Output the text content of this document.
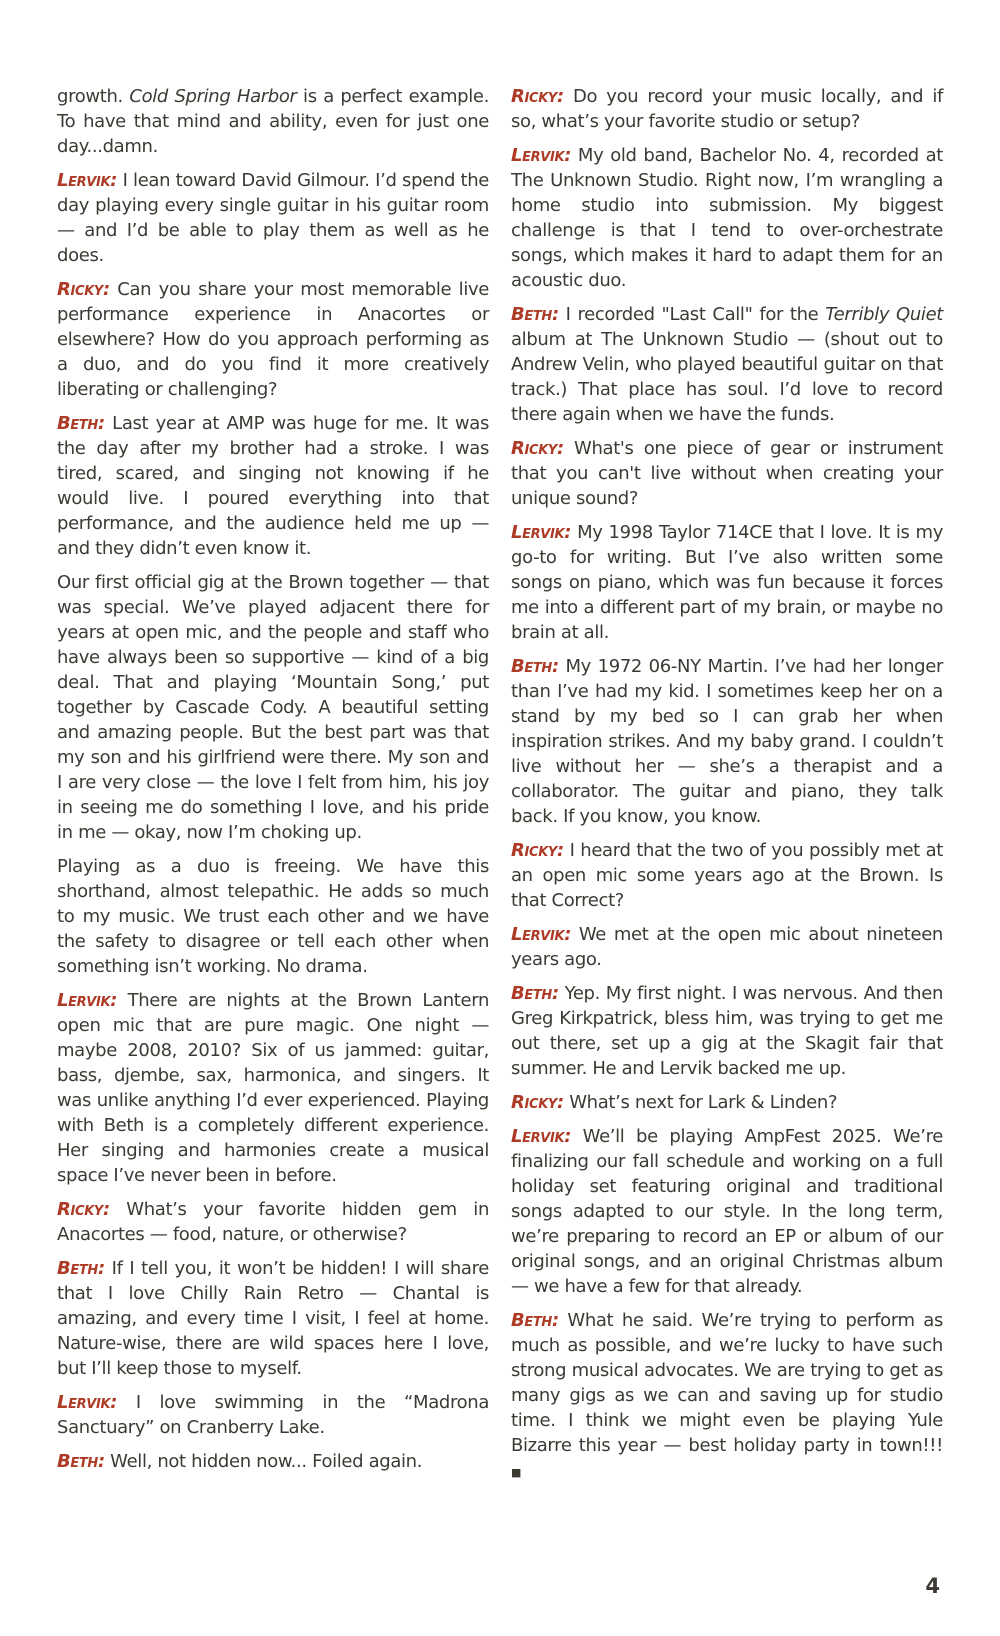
growth. Cold Spring Harbor is a perfect example. To have that mind and ability, even for just one day...damn.

Lervik: I lean toward David Gilmour. I’d spend the day playing every single guitar in his guitar room — and I’d be able to play them as well as he does.

Ricky: Can you share your most memorable live performance experience in Anacortes or elsewhere? How do you approach performing as a duo, and do you find it more creatively liberating or challenging?

Beth: Last year at AMP was huge for me. It was the day after my brother had a stroke. I was tired, scared, and singing not knowing if he would live. I poured everything into that performance, and the audience held me up — and they didn’t even know it.

Our first official gig at the Brown together — that was special. We’ve played adjacent there for years at open mic, and the people and staff who have always been so supportive — kind of a big deal. That and playing ‘Mountain Song,’ put together by Cascade Cody. A beautiful setting and amazing people. But the best part was that my son and his girlfriend were there. My son and I are very close — the love I felt from him, his joy in seeing me do something I love, and his pride in me — okay, now I’m choking up.

Playing as a duo is freeing. We have this shorthand, almost telepathic. He adds so much to my music. We trust each other and we have the safety to disagree or tell each other when something isn’t working. No drama.

Lervik: There are nights at the Brown Lantern open mic that are pure magic. One night — maybe 2008, 2010? Six of us jammed: guitar, bass, djembe, sax, harmonica, and singers. It was unlike anything I’d ever experienced. Playing with Beth is a completely different experience. Her singing and harmonies create a musical space I’ve never been in before.

Ricky: What’s your favorite hidden gem in Anacortes — food, nature, or otherwise?

Beth: If I tell you, it won’t be hidden! I will share that I love Chilly Rain Retro — Chantal is amazing, and every time I visit, I feel at home. Nature-wise, there are wild spaces here I love, but I’ll keep those to myself.

Lervik: I love swimming in the “Madrona Sanctuary” on Cranberry Lake.

Beth: Well, not hidden now... Foiled again.

Ricky: Do you record your music locally, and if so, what’s your favorite studio or setup?

Lervik: My old band, Bachelor No. 4, recorded at The Unknown Studio. Right now, I’m wrangling a home studio into submission. My biggest challenge is that I tend to over-orchestrate songs, which makes it hard to adapt them for an acoustic duo.

Beth: I recorded "Last Call" for the Terribly Quiet album at The Unknown Studio — (shout out to Andrew Velin, who played beautiful guitar on that track.) That place has soul. I’d love to record there again when we have the funds.

Ricky: What's one piece of gear or instrument that you can't live without when creating your unique sound?

Lervik: My 1998 Taylor 714CE that I love. It is my go-to for writing. But I’ve also written some songs on piano, which was fun because it forces me into a different part of my brain, or maybe no brain at all.

Beth: My 1972 06-NY Martin. I’ve had her longer than I’ve had my kid. I sometimes keep her on a stand by my bed so I can grab her when inspiration strikes. And my baby grand. I couldn’t live without her — she’s a therapist and a collaborator. The guitar and piano, they talk back. If you know, you know.

Ricky: I heard that the two of you possibly met at an open mic some years ago at the Brown. Is that Correct?

Lervik: We met at the open mic about nineteen years ago.

Beth: Yep. My first night. I was nervous. And then Greg Kirkpatrick, bless him, was trying to get me out there, set up a gig at the Skagit fair that summer. He and Lervik backed me up.

Ricky: What’s next for Lark & Linden?

Lervik: We’ll be playing AmpFest 2025. We’re finalizing our fall schedule and working on a full holiday set featuring original and traditional songs adapted to our style. In the long term, we’re preparing to record an EP or album of our original songs, and an original Christmas album — we have a few for that already.

Beth: What he said. We’re trying to perform as much as possible, and we’re lucky to have such strong musical advocates. We are trying to get as many gigs as we can and saving up for studio time. I think we might even be playing Yule Bizarre this year — best holiday party in town!!! ■

4
